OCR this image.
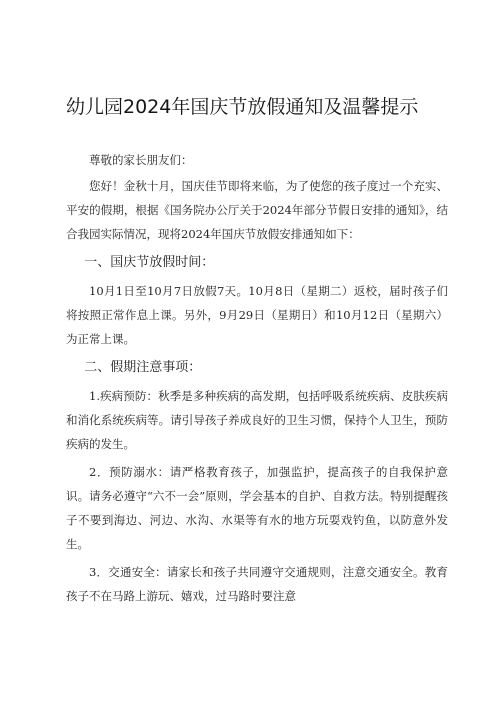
幼儿园2024年国庆节放假通知及温馨提示

尊敬的家长朋友们：

您好！金秋十月，国庆佳节即将来临，为了使您的孩子度过一个充实、平安的假期，根据《国务院办公厅关于2024年部分节假日安排的通知》，结合我园实际情况，现将2024年国庆节放假安排通知如下：

一、国庆节放假时间：

10月1日至10月7日放假7天。10月8日（星期二）返校，届时孩子们将按照正常作息上课。另外，9月29日（星期日）和10月12日（星期六）为正常上课。

二、假期注意事项：

1.疾病预防：秋季是多种疾病的高发期，包括呼吸系统疾病、皮肤疾病和消化系统疾病等。请引导孩子养成良好的卫生习惯，保持个人卫生，预防疾病的发生。

2．预防溺水：请严格教育孩子，加强监护，提高孩子的自我保护意识。请务必遵守“六不一会”原则，学会基本的自护、自救方法。特别提醒孩子不要到海边、河边、水沟、水渠等有水的地方玩耍戏钓鱼，以防意外发生。

3．交通安全：请家长和孩子共同遵守交通规则，注意交通安全。教育孩子不在马路上游玩、嬉戏，过马路时要注意
